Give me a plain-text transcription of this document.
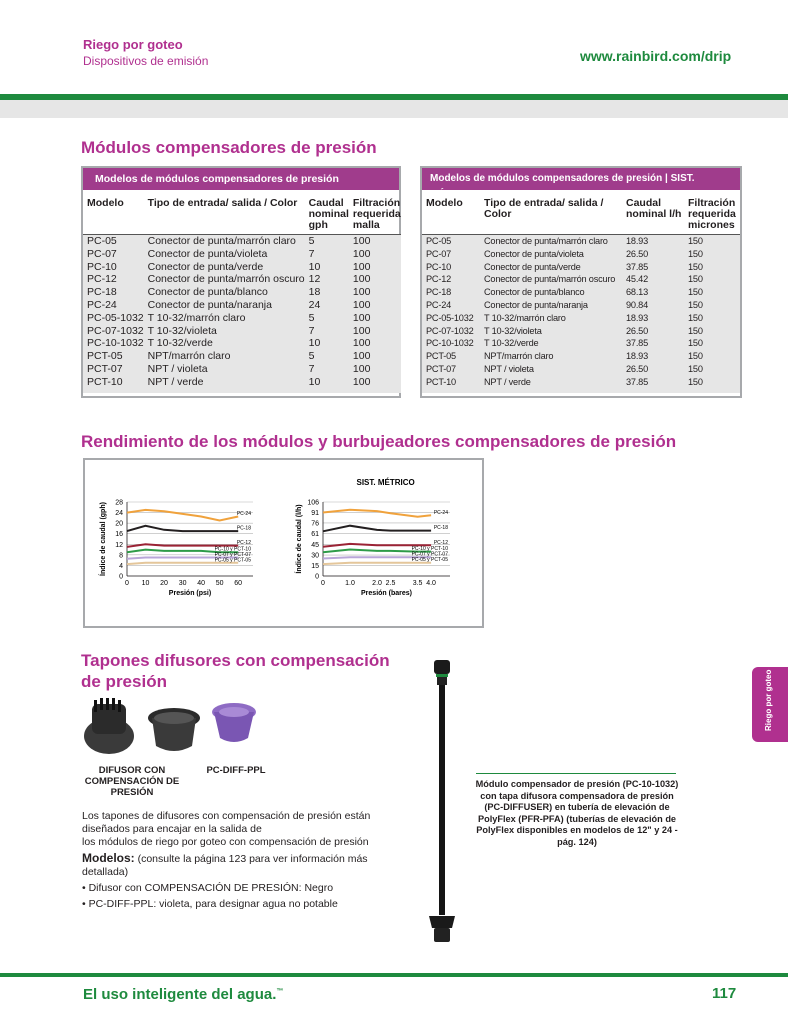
Riego por goteo
Dispositivos de emisión	www.rainbird.com/drip
Módulos compensadores de presión
Modelos de módulos compensadores de presión
Modelo	Tipo de entrada/ salida / Color	Caudal nominal gph	Filtración requerida malla
PC-05	Conector de punta/marrón claro	5	100
PC-07	Conector de punta/violeta	7	100
PC-10	Conector de punta/verde	10	100
PC-12	Conector de punta/marrón oscuro	12	100
PC-18	Conector de punta/blanco	18	100
PC-24	Conector de punta/naranja	24	100
PC-05-1032	T 10-32/marrón claro	5	100
PC-07-1032	T 10-32/violeta	7	100
PC-10-1032	T 10-32/verde	10	100
PCT-05	NPT/marrón claro	5	100
PCT-07	NPT / violeta	7	100
PCT-10	NPT / verde	10	100

Modelos de módulos compensadores de presión | SIST. MÉTRICO
Modelo	Tipo de entrada/ salida / Color	Caudal nominal l/h	Filtración requerida micrones
PC-05	Conector de punta/marrón claro	18.93	150
PC-07	Conector de punta/violeta	26.50	150
PC-10	Conector de punta/verde	37.85	150
PC-12	Conector de punta/marrón oscuro	45.42	150
PC-18	Conector de punta/blanco	68.13	150
PC-24	Conector de punta/naranja	90.84	150
PC-05-1032	T 10-32/marrón claro	18.93	150
PC-07-1032	T 10-32/violeta	26.50	150
PC-10-1032	T 10-32/verde	37.85	150
PCT-05	NPT/marrón claro	18.93	150
PCT-07	NPT / violeta	26.50	150
PCT-10	NPT / verde	37.85	150

Rendimiento de los módulos y burbujeadores compensadores de presión
0
4
8
12
16
20
24
28
0 10 20 30 40 50 60
Presión (psi)
Índice de caudal (gph)	PC-24
PC-18
PC-12
PC-10 y PCT-10
PC-07 y PCT-07
PC-05 y PCT-05
SIST. MÉTRICO
0
15
30
45
61
76
91
106
0	1.0 2.0 2.5 3.5 4.0
Presión (bares)
Índice de caudal (l/h)	PC-24
PC-18
PC-12
PC-10 y PCT-10
PC-07 y PCT-07
PC-05 y PCT-05
Tapones difusores con compensación
de presión
DIFUSOR CON COMPENSACIÓN DE PRESIÓN
PC-DIFF-PPL
Los tapones de difusores con compensación de presión están diseñados para encajar en la salida de
los módulos de riego por goteo con compensación de presión
Modelos: (consulte la página 123 para ver información más detallada)
• Difusor con COMPENSACIÓN DE PRESIÓN: Negro
• PC-DIFF-PPL: violeta, para designar agua no potable
Módulo compensador de presión (PC-10-1032) con tapa difusora compensadora de presión (PC-DIFFUSER) en tubería de elevación de PolyFlex (PFR-PFA) (tuberías de elevación de PolyFlex disponibles en modelos de 12" y 24 - pág. 124)
Riego por goteo
El uso inteligente del agua.™	117
